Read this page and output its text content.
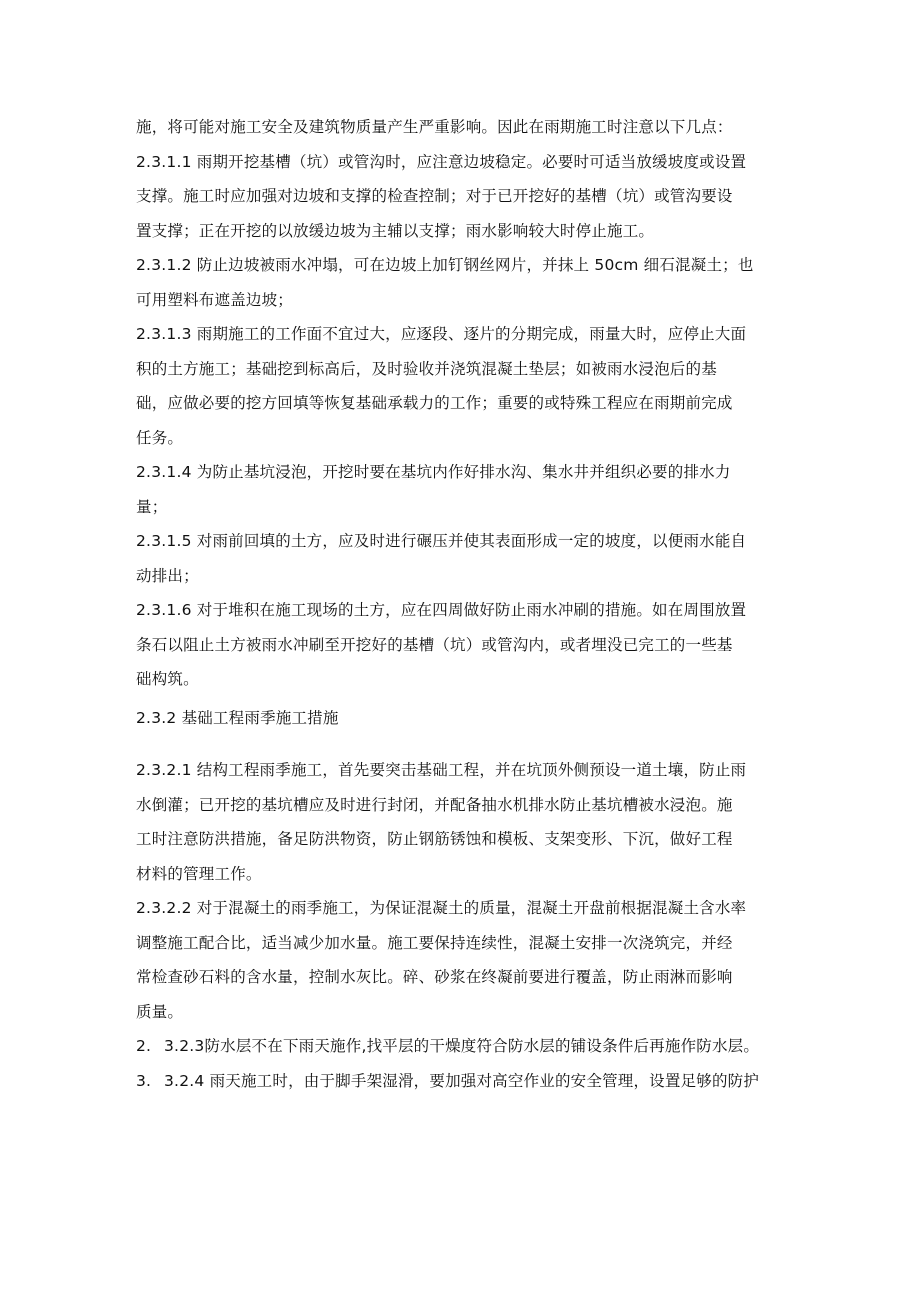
施，将可能对施工安全及建筑物质量产生严重影响。因此在雨期施工时注意以下几点：
2.3.1.1 雨期开挖基槽（坑）或管沟时，应注意边坡稳定。必要时可适当放缓坡度或设置
支撑。施工时应加强对边坡和支撑的检查控制；对于已开挖好的基槽（坑）或管沟要设
置支撑；正在开挖的以放缓边坡为主辅以支撑；雨水影响较大时停止施工。
2.3.1.2 防止边坡被雨水冲塌，可在边坡上加钉钢丝网片，并抹上 50cm 细石混凝土；也
可用塑料布遮盖边坡；
2.3.1.3 雨期施工的工作面不宜过大，应逐段、逐片的分期完成，雨量大时，应停止大面
积的土方施工；基础挖到标高后，及时验收并浇筑混凝土垫层；如被雨水浸泡后的基
础，应做必要的挖方回填等恢复基础承载力的工作；重要的或特殊工程应在雨期前完成
任务。
2.3.1.4 为防止基坑浸泡，开挖时要在基坑内作好排水沟、集水井并组织必要的排水力
量；
2.3.1.5 对雨前回填的土方，应及时进行碾压并使其表面形成一定的坡度，以便雨水能自
动排出；
2.3.1.6 对于堆积在施工现场的土方，应在四周做好防止雨水冲刷的措施。如在周围放置
条石以阻止土方被雨水冲刷至开挖好的基槽（坑）或管沟内，或者埋没已完工的一些基
础构筑。
2.3.2 基础工程雨季施工措施
2.3.2.1 结构工程雨季施工，首先要突击基础工程，并在坑顶外侧预设一道土壤，防止雨
水倒灌；已开挖的基坑槽应及时进行封闭，并配备抽水机排水防止基坑槽被水浸泡。施
工时注意防洪措施，备足防洪物资，防止钢筋锈蚀和模板、支架变形、下沉，做好工程
材料的管理工作。
2.3.2.2 对于混凝土的雨季施工，为保证混凝土的质量，混凝土开盘前根据混凝土含水率
调整施工配合比，适当减少加水量。施工要保持连续性，混凝土安排一次浇筑完，并经
常检查砂石料的含水量，控制水灰比。碎、砂浆在终凝前要进行覆盖，防止雨淋而影响
质量。
2. 3.2.3防水层不在下雨天施作,找平层的干燥度符合防水层的铺设条件后再施作防水层。
3. 3.2.4 雨天施工时，由于脚手架湿滑，要加强对高空作业的安全管理，设置足够的防护
